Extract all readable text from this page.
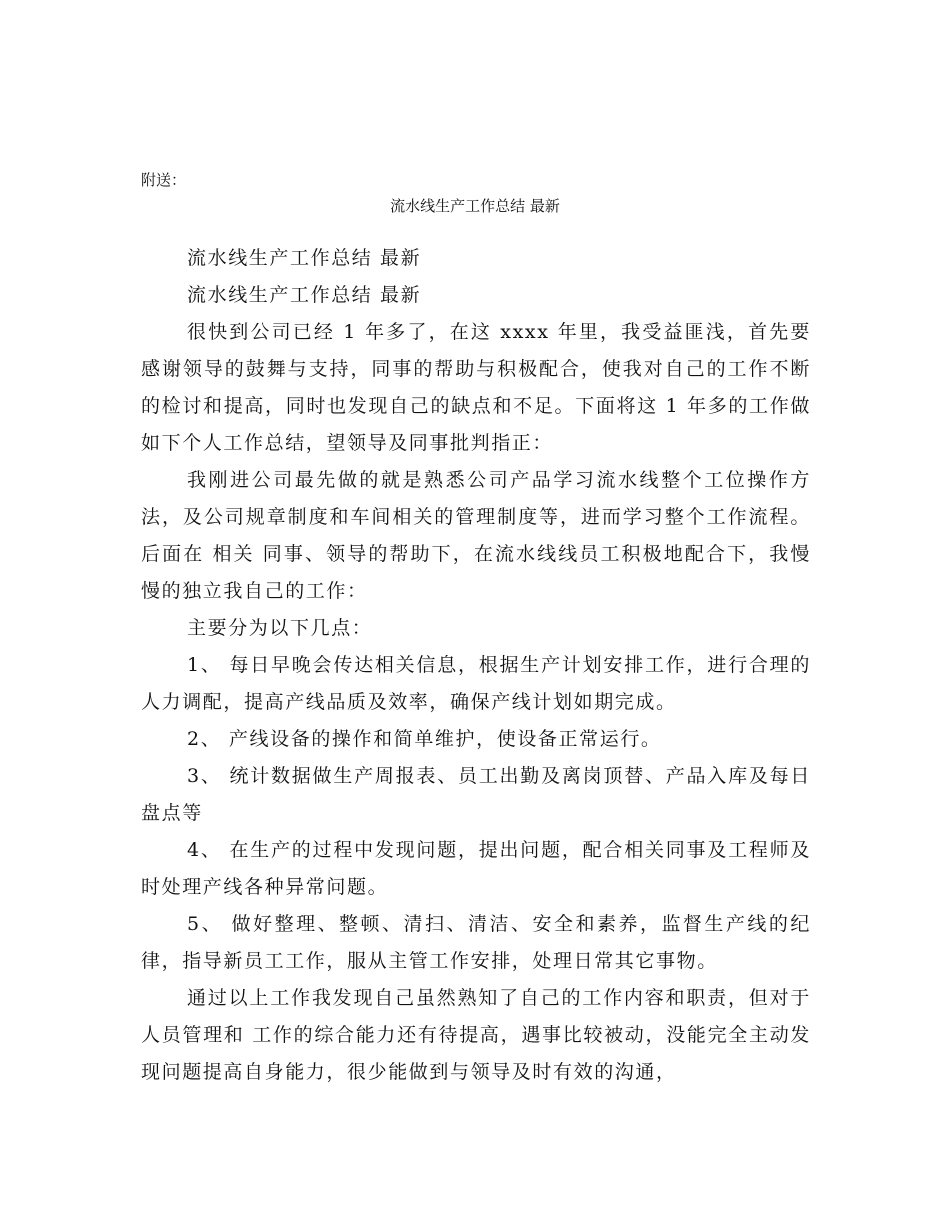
附送：
流水线生产工作总结 最新

流水线生产工作总结 最新

流水线生产工作总结 最新

很快到公司已经 1 年多了，在这 xxxx 年里，我受益匪浅，首先要感谢领导的鼓舞与支持，同事的帮助与积极配合，使我对自己的工作不断的检讨和提高，同时也发现自己的缺点和不足。下面将这 1 年多的工作做如下个人工作总结，望领导及同事批判指正：

我刚进公司最先做的就是熟悉公司产品学习流水线整个工位操作方法，及公司规章制度和车间相关的管理制度等，进而学习整个工作流程。后面在 相关 同事、领导的帮助下，在流水线线员工积极地配合下，我慢慢的独立我自己的工作：

主要分为以下几点：

1、 每日早晚会传达相关信息，根据生产计划安排工作，进行合理的人力调配，提高产线品质及效率，确保产线计划如期完成。

2、 产线设备的操作和简单维护，使设备正常运行。

3、 统计数据做生产周报表、员工出勤及离岗顶替、产品入库及每日盘点等

4、 在生产的过程中发现问题，提出问题，配合相关同事及工程师及时处理产线各种异常问题。

5、 做好整理、整顿、清扫、清洁、安全和素养，监督生产线的纪律，指导新员工工作，服从主管工作安排，处理日常其它事物。

通过以上工作我发现自己虽然熟知了自己的工作内容和职责，但对于人员管理和 工作的综合能力还有待提高，遇事比较被动，没能完全主动发现问题提高自身能力，很少能做到与领导及时有效的沟通，
